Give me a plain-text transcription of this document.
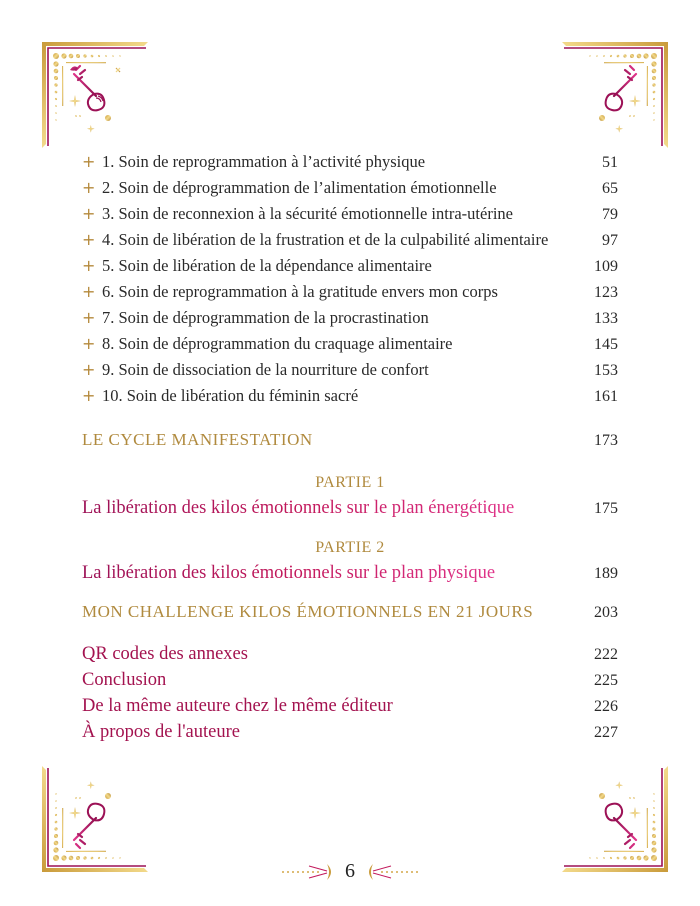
+ 1. Soin de reprogrammation à l’activité physique	51
+ 2. Soin de déprogrammation de l’alimentation émotionnelle	65
+ 3. Soin de reconnexion à la sécurité émotionnelle intra-utérine	79
+ 4. Soin de libération de la frustration et de la culpabilité alimentaire	97
+ 5. Soin de libération de la dépendance alimentaire	109
+ 6. Soin de reprogrammation à la gratitude envers mon corps	123
+ 7. Soin de déprogrammation de la procrastination	133
+ 8. Soin de déprogrammation du craquage alimentaire	145
+ 9. Soin de dissociation de la nourriture de confort	153
+ 10. Soin de libération du féminin sacré	161
LE CYCLE MANIFESTATION	173
PARTIE 1
La libération des kilos émotionnels sur le plan énergétique	175
PARTIE 2
La libération des kilos émotionnels sur le plan physique	189
MON CHALLENGE KILOS ÉMOTIONNELS EN 21 JOURS	203
QR codes des annexes	222
Conclusion	225
De la même auteure chez le même éditeur	226
À propos de l'auteure	227
6
